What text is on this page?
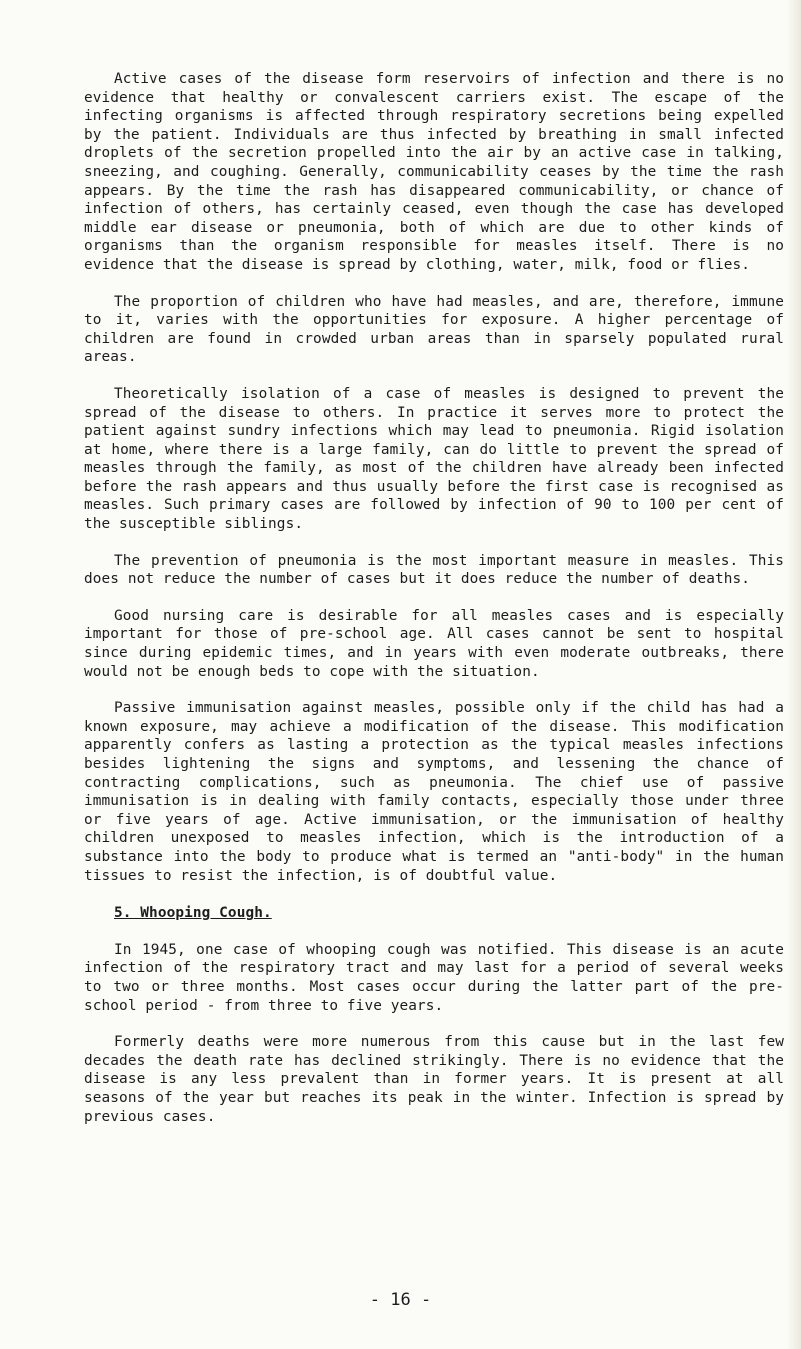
Active cases of the disease form reservoirs of infection and there is no evidence that healthy or convalescent carriers exist. The escape of the infecting organisms is affected through respiratory secretions being expelled by the patient. Individuals are thus infected by breathing in small infected droplets of the secretion propelled into the air by an active case in talking, sneezing, and coughing. Generally, communicability ceases by the time the rash appears. By the time the rash has disappeared communicability, or chance of infection of others, has certainly ceased, even though the case has developed middle ear disease or pneumonia, both of which are due to other kinds of organisms than the organism responsible for measles itself. There is no evidence that the disease is spread by clothing, water, milk, food or flies.

The proportion of children who have had measles, and are, therefore, immune to it, varies with the opportunities for exposure. A higher percentage of children are found in crowded urban areas than in sparsely populated rural areas.

Theoretically isolation of a case of measles is designed to prevent the spread of the disease to others. In practice it serves more to protect the patient against sundry infections which may lead to pneumonia. Rigid isolation at home, where there is a large family, can do little to prevent the spread of measles through the family, as most of the children have already been infected before the rash appears and thus usually before the first case is recognised as measles. Such primary cases are followed by infection of 90 to 100 per cent of the susceptible siblings.

The prevention of pneumonia is the most important measure in measles. This does not reduce the number of cases but it does reduce the number of deaths.

Good nursing care is desirable for all measles cases and is especially important for those of pre-school age. All cases cannot be sent to hospital since during epidemic times, and in years with even moderate outbreaks, there would not be enough beds to cope with the situation.

Passive immunisation against measles, possible only if the child has had a known exposure, may achieve a modification of the disease. This modification apparently confers as lasting a protection as the typical measles infections besides lightening the signs and symptoms, and lessening the chance of contracting complications, such as pneumonia. The chief use of passive immunisation is in dealing with family contacts, especially those under three or five years of age. Active immunisation, or the immunisation of healthy children unexposed to measles infection, which is the introduction of a substance into the body to produce what is termed an "anti-body" in the human tissues to resist the infection, is of doubtful value.

5. Whooping Cough.

In 1945, one case of whooping cough was notified. This disease is an acute infection of the respiratory tract and may last for a period of several weeks to two or three months. Most cases occur during the latter part of the pre-school period - from three to five years.

Formerly deaths were more numerous from this cause but in the last few decades the death rate has declined strikingly. There is no evidence that the disease is any less prevalent than in former years. It is present at all seasons of the year but reaches its peak in the winter. Infection is spread by previous cases.

- 16 -
